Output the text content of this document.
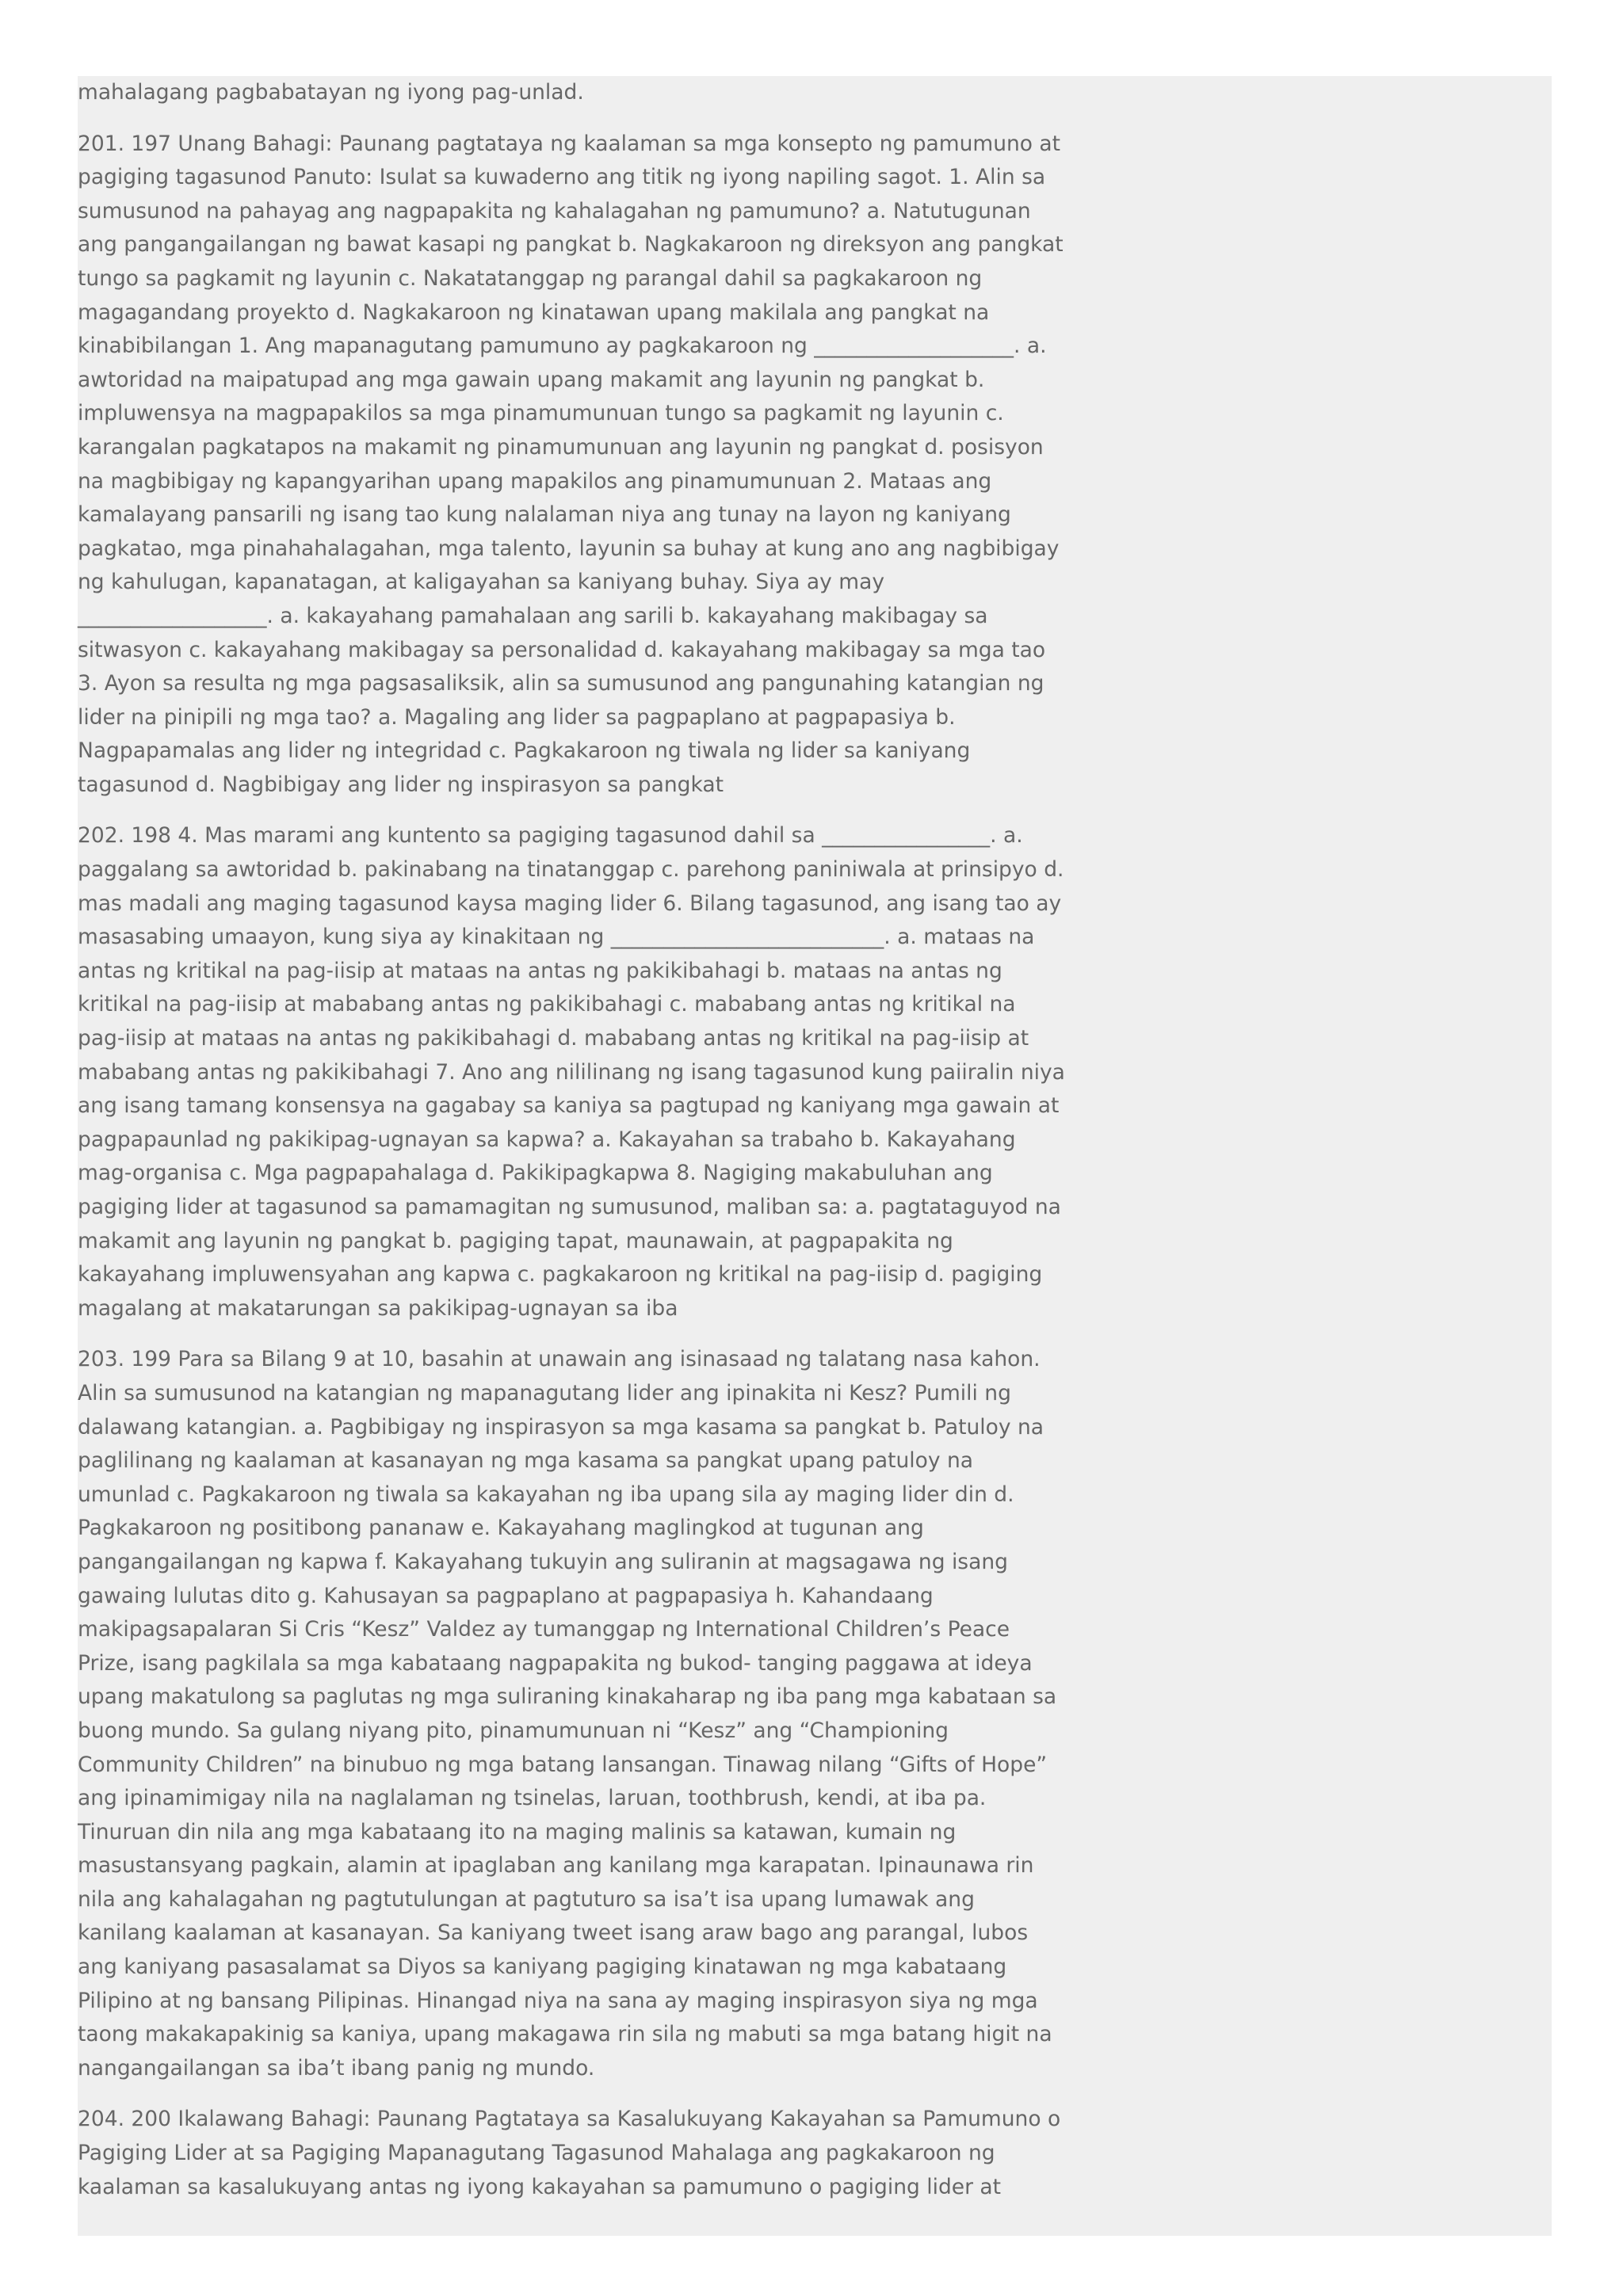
mahalagang pagbabatayan ng iyong pag-unlad.

201. 197 Unang Bahagi: Paunang pagtataya ng kaalaman sa mga konsepto ng pamumuno at pagiging tagasunod Panuto: Isulat sa kuwaderno ang titik ng iyong napiling sagot. 1. Alin sa sumusunod na pahayag ang nagpapakita ng kahalagahan ng pamumuno? a. Natutugunan ang pangangailangan ng bawat kasapi ng pangkat b. Nagkakaroon ng direksyon ang pangkat tungo sa pagkamit ng layunin c. Nakatatanggap ng parangal dahil sa pagkakaroon ng magagandang proyekto d. Nagkakaroon ng kinatawan upang makilala ang pangkat na kinabibilangan 1. Ang mapanagutang pamumuno ay pagkakaroon ng ___________________. a. awtoridad na maipatupad ang mga gawain upang makamit ang layunin ng pangkat b. impluwensya na magpapakilos sa mga pinamumunuan tungo sa pagkamit ng layunin c. karangalan pagkatapos na makamit ng pinamumunuan ang layunin ng pangkat d. posisyon na magbibigay ng kapangyarihan upang mapakilos ang pinamumunuan 2. Mataas ang kamalayang pansarili ng isang tao kung nalalaman niya ang tunay na layon ng kaniyang pagkatao, mga pinahahalagahan, mga talento, layunin sa buhay at kung ano ang nagbibigay ng kahulugan, kapanatagan, at kaligayahan sa kaniyang buhay. Siya ay may __________________. a. kakayahang pamahalaan ang sarili b. kakayahang makibagay sa sitwasyon c. kakayahang makibagay sa personalidad d. kakayahang makibagay sa mga tao 3. Ayon sa resulta ng mga pagsasaliksik, alin sa sumusunod ang pangunahing katangian ng lider na pinipili ng mga tao? a. Magaling ang lider sa pagpaplano at pagpapasiya b. Nagpapamalas ang lider ng integridad c. Pagkakaroon ng tiwala ng lider sa kaniyang tagasunod d. Nagbibigay ang lider ng inspirasyon sa pangkat

202. 198 4. Mas marami ang kuntento sa pagiging tagasunod dahil sa ________________. a. paggalang sa awtoridad b. pakinabang na tinatanggap c. parehong paniniwala at prinsipyo d. mas madali ang maging tagasunod kaysa maging lider 6. Bilang tagasunod, ang isang tao ay masasabing umaayon, kung siya ay kinakitaan ng __________________________. a. mataas na antas ng kritikal na pag-iisip at mataas na antas ng pakikibahagi b. mataas na antas ng kritikal na pag-iisip at mababang antas ng pakikibahagi c. mababang antas ng kritikal na pag-iisip at mataas na antas ng pakikibahagi d. mababang antas ng kritikal na pag-iisip at mababang antas ng pakikibahagi 7. Ano ang nililinang ng isang tagasunod kung paiiralin niya ang isang tamang konsensya na gagabay sa kaniya sa pagtupad ng kaniyang mga gawain at pagpapaunlad ng pakikipag-ugnayan sa kapwa? a. Kakayahan sa trabaho b. Kakayahang mag-organisa c. Mga pagpapahalaga d. Pakikipagkapwa 8. Nagiging makabuluhan ang pagiging lider at tagasunod sa pamamagitan ng sumusunod, maliban sa: a. pagtataguyod na makamit ang layunin ng pangkat b. pagiging tapat, maunawain, at pagpapakita ng kakayahang impluwensyahan ang kapwa c. pagkakaroon ng kritikal na pag-iisip d. pagiging magalang at makatarungan sa pakikipag-ugnayan sa iba

203. 199 Para sa Bilang 9 at 10, basahin at unawain ang isinasaad ng talatang nasa kahon. Alin sa sumusunod na katangian ng mapanagutang lider ang ipinakita ni Kesz? Pumili ng dalawang katangian. a. Pagbibigay ng inspirasyon sa mga kasama sa pangkat b. Patuloy na paglilinang ng kaalaman at kasanayan ng mga kasama sa pangkat upang patuloy na umunlad c. Pagkakaroon ng tiwala sa kakayahan ng iba upang sila ay maging lider din d. Pagkakaroon ng positibong pananaw e. Kakayahang maglingkod at tugunan ang pangangailangan ng kapwa f. Kakayahang tukuyin ang suliranin at magsagawa ng isang gawaing lulutas dito g. Kahusayan sa pagpaplano at pagpapasiya h. Kahandaang makipagsapalaran Si Cris “Kesz” Valdez ay tumanggap ng International Children’s Peace Prize, isang pagkilala sa mga kabataang nagpapakita ng bukod- tanging paggawa at ideya upang makatulong sa paglutas ng mga suliraning kinakaharap ng iba pang mga kabataan sa buong mundo. Sa gulang niyang pito, pinamumunuan ni “Kesz” ang “Championing Community Children” na binubuo ng mga batang lansangan. Tinawag nilang “Gifts of Hope” ang ipinamimigay nila na naglalaman ng tsinelas, laruan, toothbrush, kendi, at iba pa. Tinuruan din nila ang mga kabataang ito na maging malinis sa katawan, kumain ng masustansyang pagkain, alamin at ipaglaban ang kanilang mga karapatan. Ipinaunawa rin nila ang kahalagahan ng pagtutulungan at pagtuturo sa isa’t isa upang lumawak ang kanilang kaalaman at kasanayan. Sa kaniyang tweet isang araw bago ang parangal, lubos ang kaniyang pasasalamat sa Diyos sa kaniyang pagiging kinatawan ng mga kabataang Pilipino at ng bansang Pilipinas. Hinangad niya na sana ay maging inspirasyon siya ng mga taong makakapakinig sa kaniya, upang makagawa rin sila ng mabuti sa mga batang higit na nangangailangan sa iba’t ibang panig ng mundo.

204. 200 Ikalawang Bahagi: Paunang Pagtataya sa Kasalukuyang Kakayahan sa Pamumuno o Pagiging Lider at sa Pagiging Mapanagutang Tagasunod Mahalaga ang pagkakaroon ng kaalaman sa kasalukuyang antas ng iyong kakayahan sa pamumuno o pagiging lider at
